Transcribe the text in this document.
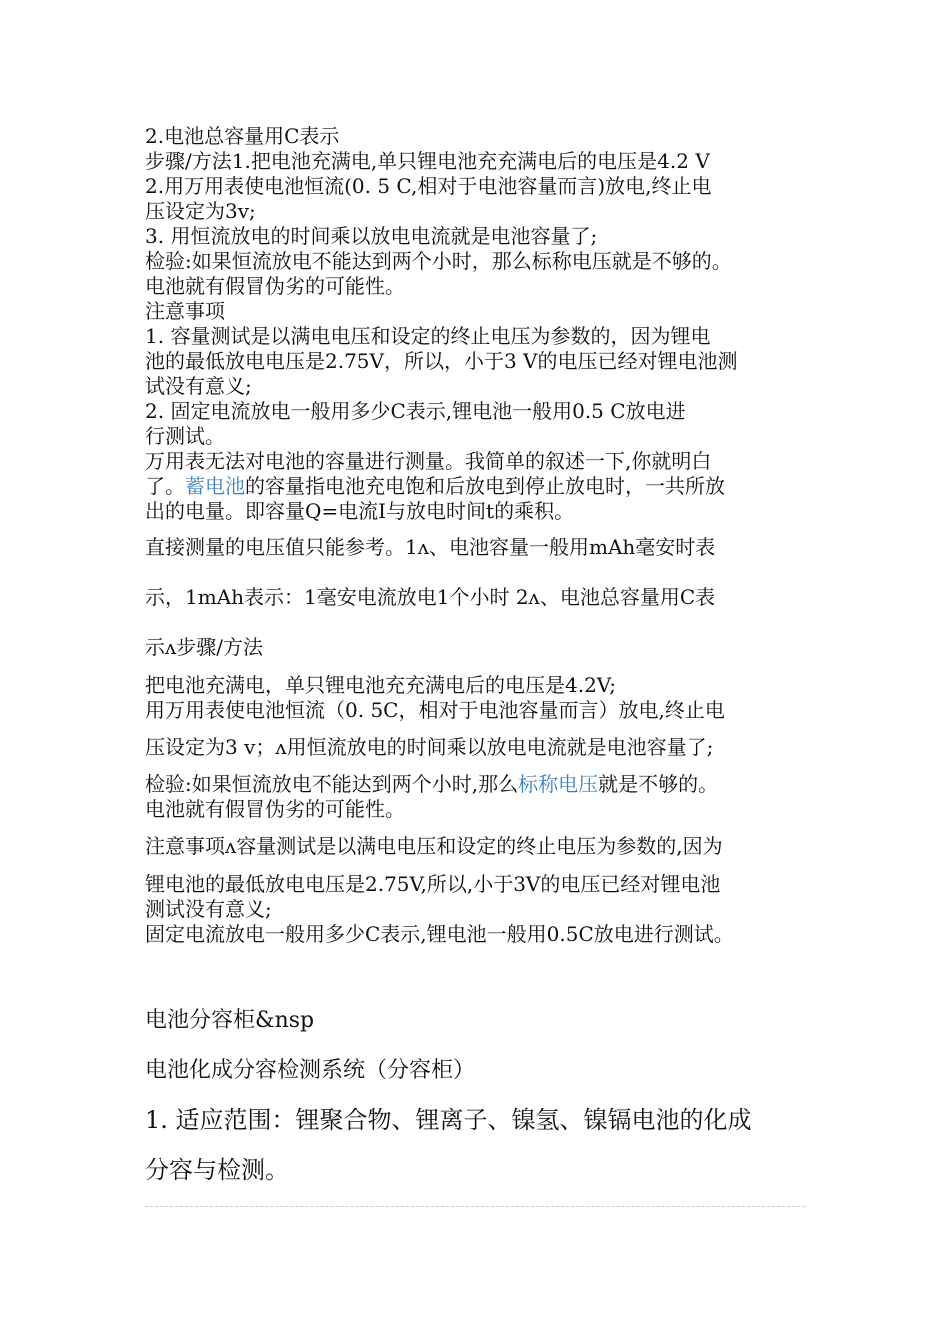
2.电池总容量用C表示

步骤/方法1.把电池充满电,单只锂电池充充满电后的电压是4.2 V

2.用万用表使电池恒流(0. 5 C,相对于电池容量而言)放电,终止电

压设定为3v;

3. 用恒流放电的时间乘以放电电流就是电池容量了;

检验:如果恒流放电不能达到两个小时，那么标称电压就是不够的。

电池就有假冒伪劣的可能性。

注意事项

1. 容量测试是以满电电压和设定的终止电压为参数的，因为锂电

池的最低放电电压是2.75V，所以，小于3 V的电压已经对锂电池测

试没有意义;

2. 固定电流放电一般用多少C表示,锂电池一般用0.5 C放电进

行测试。

万用表无法对电池的容量进行测量。我简单的叙述一下,你就明白

了。蓄电池的容量指电池充电饱和后放电到停止放电时，一共所放

出的电量。即容量Q=电流I与放电时间t的乘积。

直接测量的电压值只能参考。1ᴧ、电池容量一般用mAh毫安时表

示，1mAh表示：1毫安电流放电1个小时 2ᴧ、电池总容量用C表

示ᴧ步骤/方法

把电池充满电，单只锂电池充充满电后的电压是4.2V;

用万用表使电池恒流（0. 5C，相对于电池容量而言）放电,终止电

压设定为3 v；ᴧ用恒流放电的时间乘以放电电流就是电池容量了;

检验:如果恒流放电不能达到两个小时,那么标称电压就是不够的。

电池就有假冒伪劣的可能性。

注意事项ᴧ容量测试是以满电电压和设定的终止电压为参数的,因为

锂电池的最低放电电压是2.75V,所以,小于3V的电压已经对锂电池

测试没有意义;

固定电流放电一般用多少C表示,锂电池一般用0.5C放电进行测试。

电池分容柜&nsp

电池化成分容检测系统（分容柜）

1. 适应范围：锂聚合物、锂离子、镍氢、镍镉电池的化成

分容与检测。
